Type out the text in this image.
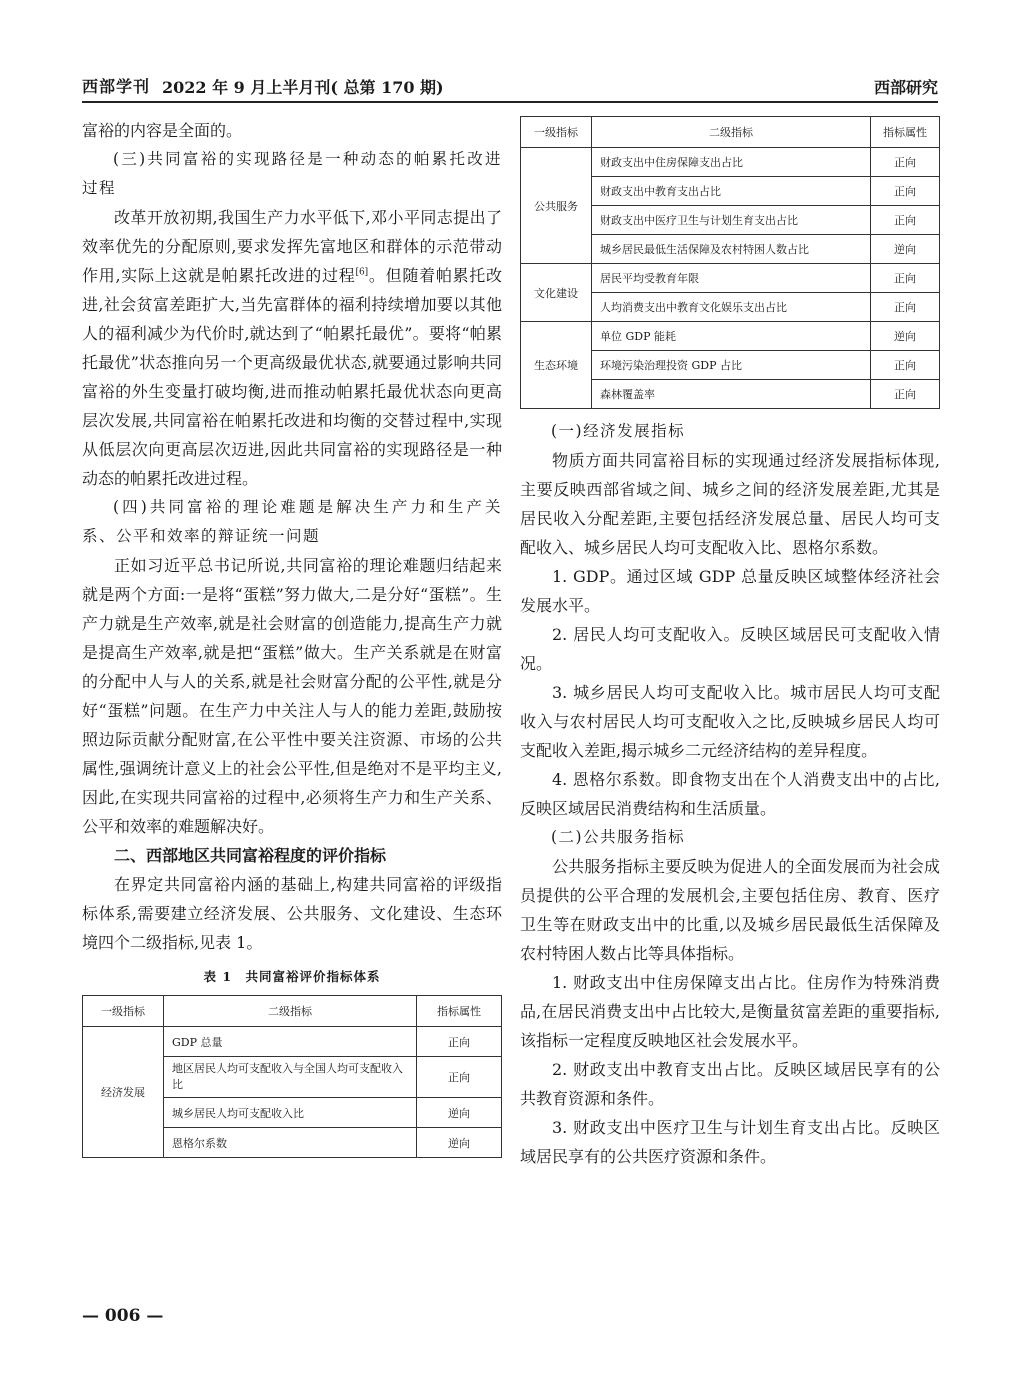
西部学刊 2022 年 9 月上半月刊( 总第 170 期)	西部研究

富裕的内容是全面的。

(三)共同富裕的实现路径是一种动态的帕累托改进过程

改革开放初期,我国生产力水平低下,邓小平同志提出了效率优先的分配原则,要求发挥先富地区和群体的示范带动作用,实际上这就是帕累托改进的过程[6]。但随着帕累托改进,社会贫富差距扩大,当先富群体的福利持续增加要以其他人的福利减少为代价时,就达到了“帕累托最优”。要将“帕累托最优”状态推向另一个更高级最优状态,就要通过影响共同富裕的外生变量打破均衡,进而推动帕累托最优状态向更高层次发展,共同富裕在帕累托改进和均衡的交替过程中,实现从低层次向更高层次迈进,因此共同富裕的实现路径是一种动态的帕累托改进过程。

(四)共同富裕的理论难题是解决生产力和生产关系、公平和效率的辩证统一问题

正如习近平总书记所说,共同富裕的理论难题归结起来就是两个方面:一是将“蛋糕”努力做大,二是分好“蛋糕”。生产力就是生产效率,就是社会财富的创造能力,提高生产力就是提高生产效率,就是把“蛋糕”做大。生产关系就是在财富的分配中人与人的关系,就是社会财富分配的公平性,就是分好“蛋糕”问题。在生产力中关注人与人的能力差距,鼓励按照边际贡献分配财富,在公平性中要关注资源、市场的公共属性,强调统计意义上的社会公平性,但是绝对不是平均主义,因此,在实现共同富裕的过程中,必须将生产力和生产关系、公平和效率的难题解决好。

二、西部地区共同富裕程度的评价指标

在界定共同富裕内涵的基础上,构建共同富裕的评级指标体系,需要建立经济发展、公共服务、文化建设、生态环境四个二级指标,见表 1。

表 1　共同富裕评价指标体系
一级指标	二级指标	指标属性
经济发展	GDP 总量	正向
	地区居民人均可支配收入与全国人均可支配收入比	正向
	城乡居民人均可支配收入比	逆向
	恩格尔系数	逆向
一级指标	二级指标	指标属性
公共服务	财政支出中住房保障支出占比	正向
	财政支出中教育支出占比	正向
	财政支出中医疗卫生与计划生育支出占比	正向
	城乡居民最低生活保障及农村特困人数占比	逆向
文化建设	居民平均受教育年限	正向
	人均消费支出中教育文化娱乐支出占比	正向
生态环境	单位 GDP 能耗	逆向
	环境污染治理投资 GDP 占比	正向
	森林覆盖率	正向

(一)经济发展指标

物质方面共同富裕目标的实现通过经济发展指标体现,主要反映西部省域之间、城乡之间的经济发展差距,尤其是居民收入分配差距,主要包括经济发展总量、居民人均可支配收入、城乡居民人均可支配收入比、恩格尔系数。

1. GDP。通过区域 GDP 总量反映区域整体经济社会发展水平。

2. 居民人均可支配收入。反映区域居民可支配收入情况。

3. 城乡居民人均可支配收入比。城市居民人均可支配收入与农村居民人均可支配收入之比,反映城乡居民人均可支配收入差距,揭示城乡二元经济结构的差异程度。

4. 恩格尔系数。即食物支出在个人消费支出中的占比,反映区域居民消费结构和生活质量。

(二)公共服务指标

公共服务指标主要反映为促进人的全面发展而为社会成员提供的公平合理的发展机会,主要包括住房、教育、医疗卫生等在财政支出中的比重,以及城乡居民最低生活保障及农村特困人数占比等具体指标。

1. 财政支出中住房保障支出占比。住房作为特殊消费品,在居民消费支出中占比较大,是衡量贫富差距的重要指标,该指标一定程度反映地区社会发展水平。

2. 财政支出中教育支出占比。反映区域居民享有的公共教育资源和条件。

3. 财政支出中医疗卫生与计划生育支出占比。反映区域居民享有的公共医疗资源和条件。

— 006 —
